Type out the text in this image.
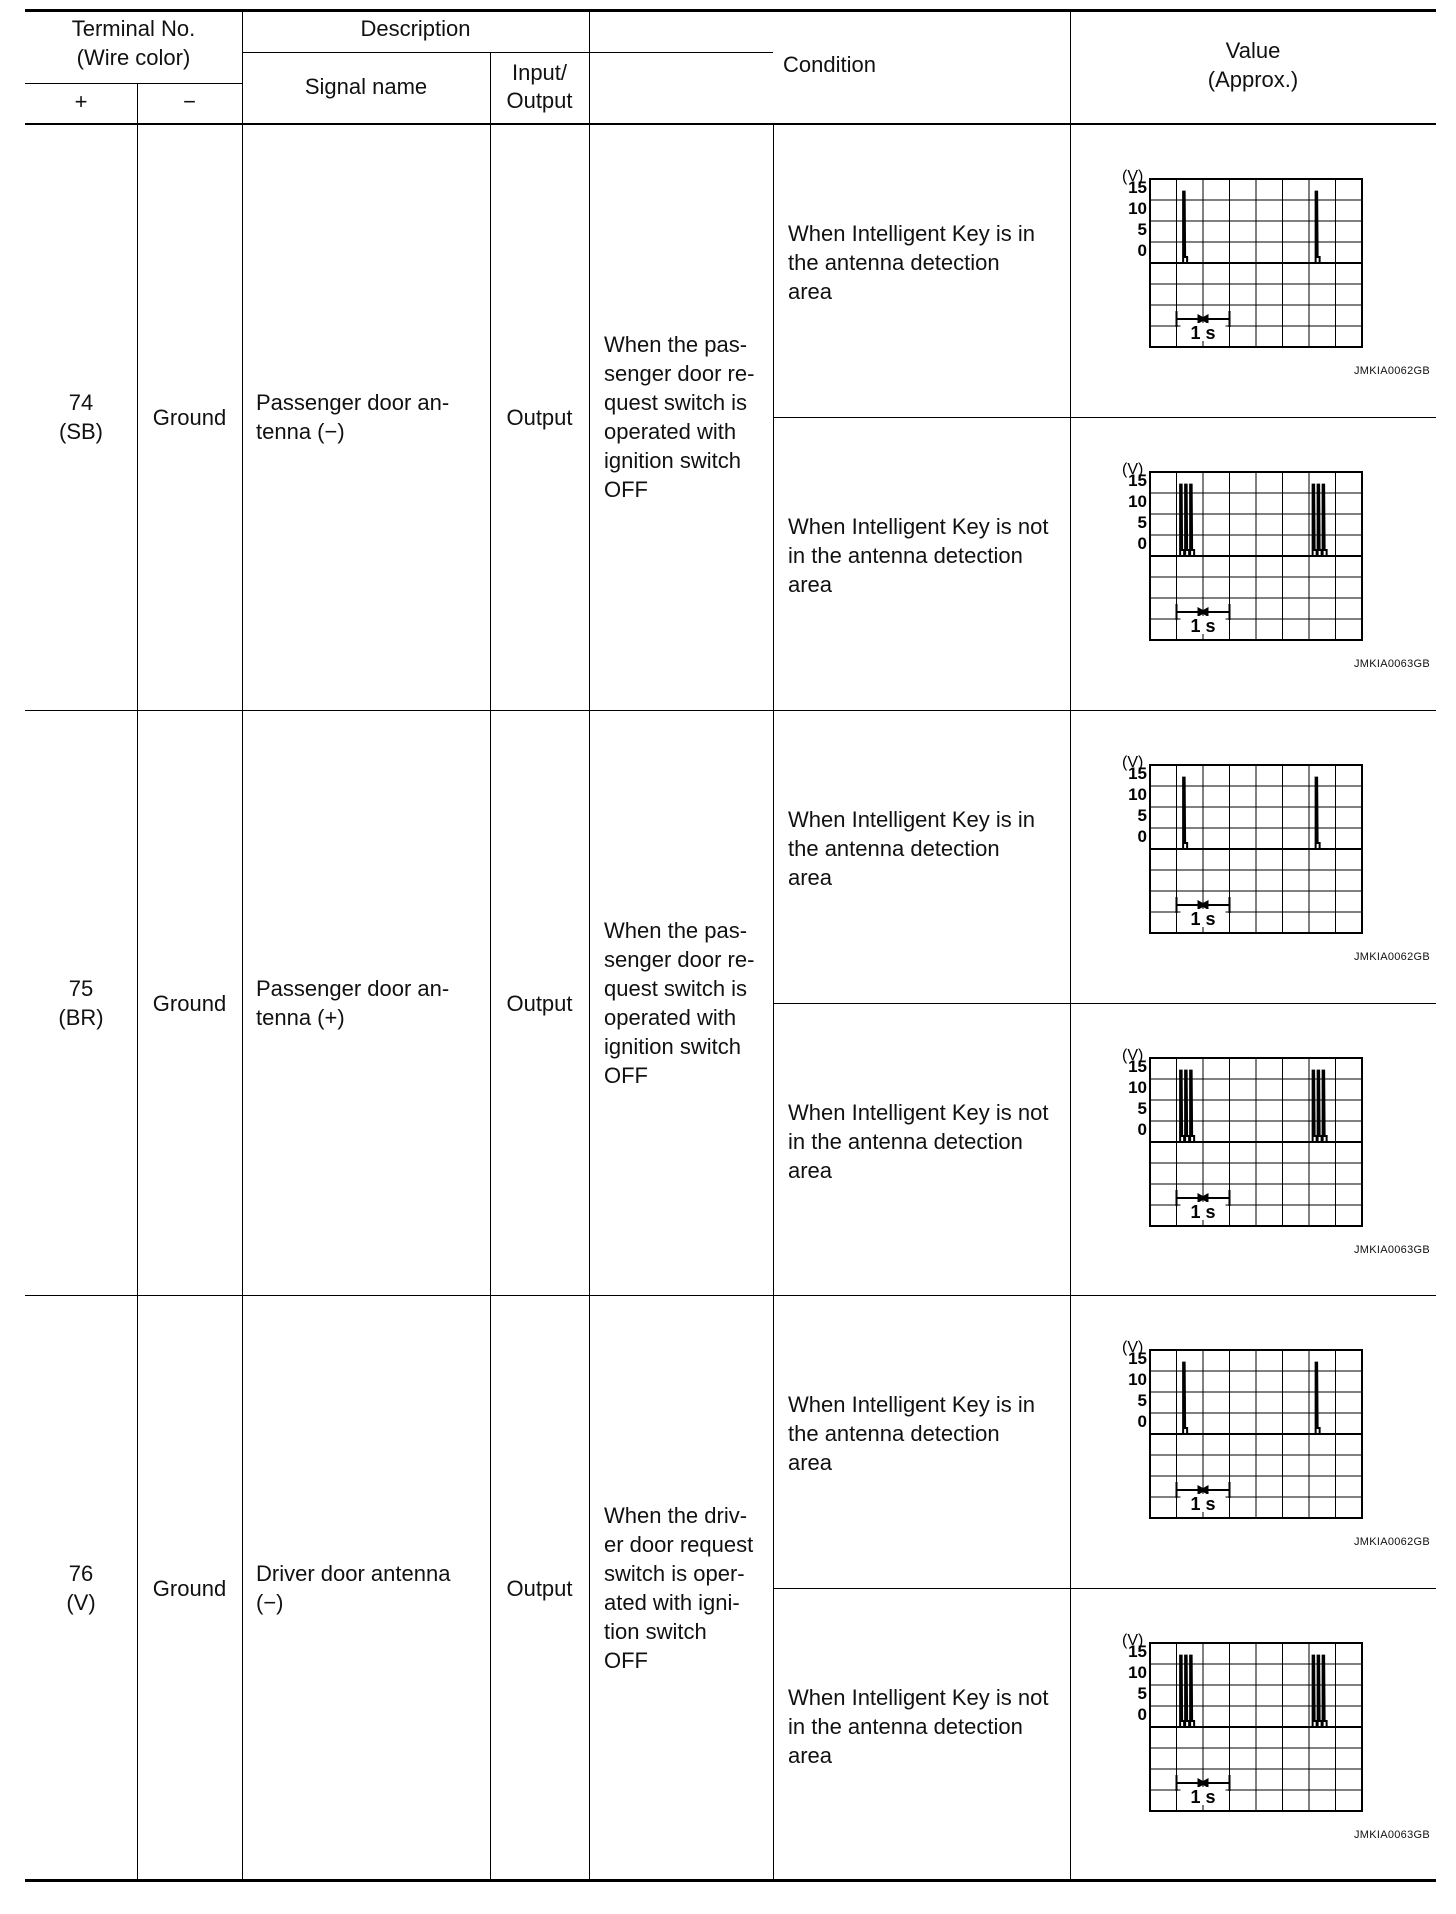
Terminal No.
(Wire color)
+	−
Description
Signal name
Input/
Output
Condition
Value
(Approx.)
74
(SB)
Ground
Passenger door an-
tenna (−)
Output
When the pas-
senger door re-
quest switch is
operated with
ignition switch
OFF
When Intelligent Key is in
the antenna detection
area
(V)
15
10
5
0
1 s
JMKIA0062GB
When Intelligent Key is not
in the antenna detection
area
(V)
15
10
5
0
1 s
JMKIA0063GB
75
(BR)
Ground
Passenger door an-
tenna (+)
Output
When the pas-
senger door re-
quest switch is
operated with
ignition switch
OFF
When Intelligent Key is in
the antenna detection
area
(V)
15
10
5
0
1 s
JMKIA0062GB
When Intelligent Key is not
in the antenna detection
area
(V)
15
10
5
0
1 s
JMKIA0063GB
76
(V)
Ground
Driver door antenna
(−)
Output
When the driv-
er door request
switch is oper-
ated with igni-
tion switch
OFF
When Intelligent Key is in
the antenna detection
area
(V)
15
10
5
0
1 s
JMKIA0062GB
When Intelligent Key is not
in the antenna detection
area
(V)
15
10
5
0
1 s
JMKIA0063GB
